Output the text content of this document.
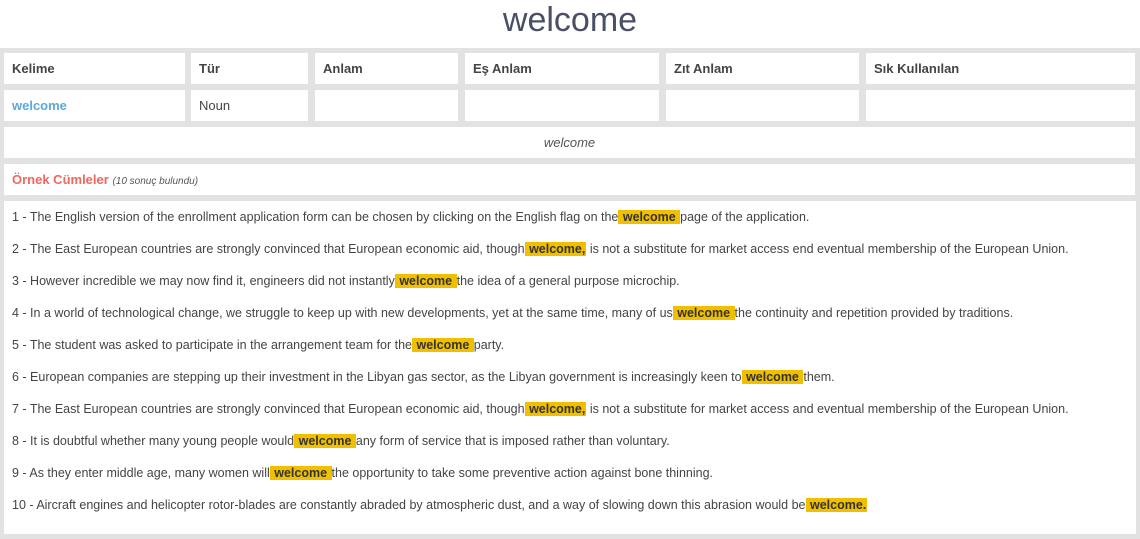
welcome
Kelime	Tür	Anlam	Eş Anlam	Zıt Anlam	Sık Kullanılan
welcome	Noun
welcome
Örnek Cümleler (10 sonuç bulundu)

1 - The English version of the enrollment application form can be chosen by clicking on the English flag on the welcome page of the application.

2 - The East European countries are strongly convinced that European economic aid, though welcome, is not a substitute for market access end eventual membership of the European Union.

3 - However incredible we may now find it, engineers did not instantly welcome the idea of a general purpose microchip.

4 - In a world of technological change, we struggle to keep up with new developments, yet at the same time, many of us welcome the continuity and repetition provided by traditions.

5 - The student was asked to participate in the arrangement team for the welcome party.

6 - European companies are stepping up their investment in the Libyan gas sector, as the Libyan government is increasingly keen to welcome them.

7 - The East European countries are strongly convinced that European economic aid, though welcome, is not a substitute for market access and eventual membership of the European Union.

8 - It is doubtful whether many young people would welcome any form of service that is imposed rather than voluntary.

9 - As they enter middle age, many women will welcome the opportunity to take some preventive action against bone thinning.

10 - Aircraft engines and helicopter rotor-blades are constantly abraded by atmospheric dust, and a way of slowing down this abrasion would be welcome.
